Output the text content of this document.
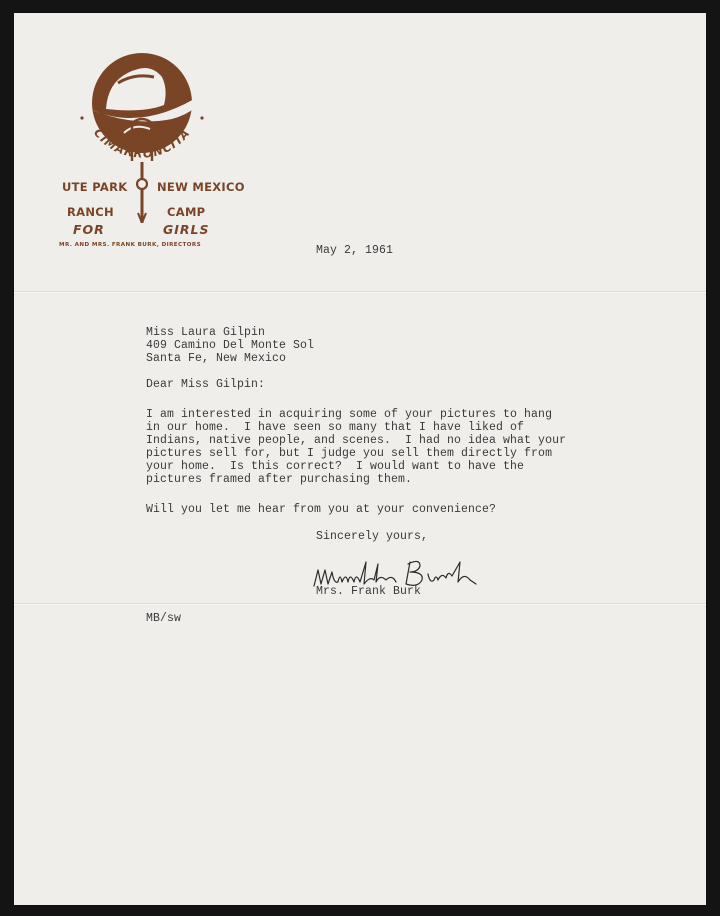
CIMARRONCITA
UTE PARK	NEW MEXICO
RANCH	CAMP
FOR	GIRLS
MR. AND MRS. FRANK BURK, DIRECTORS	May 2, 1961
Miss Laura Gilpin
409 Camino Del Monte Sol
Santa Fe, New Mexico
Dear Miss Gilpin:
I am interested in acquiring some of your pictures to hang
in our home.  I have seen so many that I have liked of
Indians, native people, and scenes.  I had no idea what your
pictures sell for, but I judge you sell them directly from
your home.  Is this correct?  I would want to have the
pictures framed after purchasing them.
Will you let me hear from you at your convenience?
Sincerely yours,
Mrs. Frank Burk
MB/sw
